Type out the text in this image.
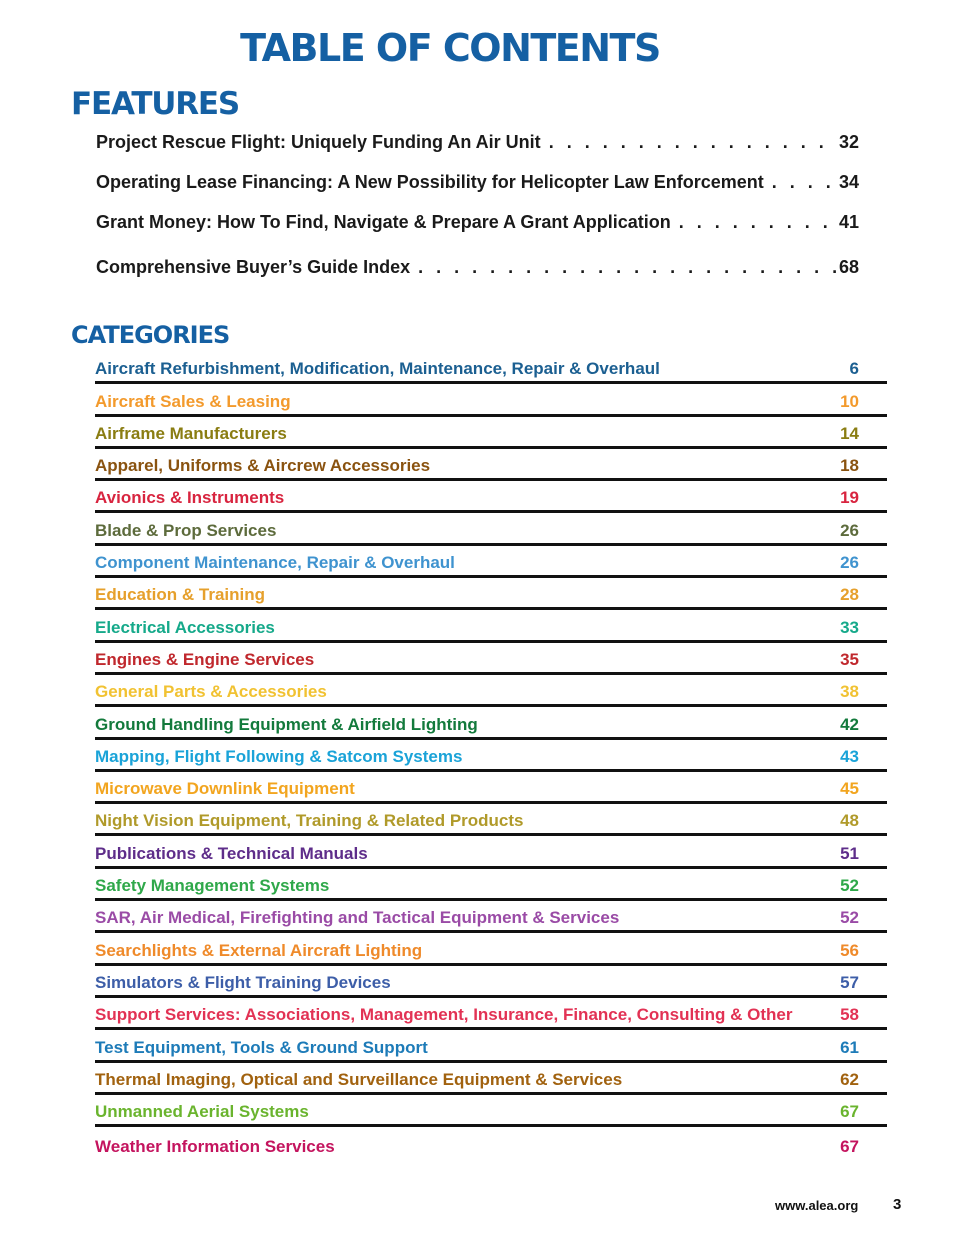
TABLE OF CONTENTS
FEATURES
Project Rescue Flight: Uniquely Funding An Air Unit . . .	32
Operating Lease Financing: A New Possibility for Helicopter Law Enforcement . . .	34
Grant Money: How To Find, Navigate & Prepare A Grant Application . . .	41
Comprehensive Buyer’s Guide Index . . .	68
CATEGORIES
Aircraft Refurbishment, Modification, Maintenance, Repair & Overhaul	6
Aircraft Sales & Leasing	10
Airframe Manufacturers	14
Apparel, Uniforms & Aircrew Accessories	18
Avionics & Instruments	19
Blade & Prop Services	26
Component Maintenance, Repair & Overhaul	26
Education & Training	28
Electrical Accessories	33
Engines & Engine Services	35
General Parts & Accessories	38
Ground Handling Equipment & Airfield Lighting	42
Mapping, Flight Following & Satcom Systems	43
Microwave Downlink Equipment	45
Night Vision Equipment, Training & Related Products	48
Publications & Technical Manuals	51
Safety Management Systems	52
SAR, Air Medical, Firefighting and Tactical Equipment & Services	52
Searchlights & External Aircraft Lighting	56
Simulators & Flight Training Devices	57
Support Services: Associations, Management, Insurance, Finance, Consulting & Other	58
Test Equipment, Tools & Ground Support	61
Thermal Imaging, Optical and Surveillance Equipment & Services	62
Unmanned Aerial Systems	67
Weather Information Services	67
www.alea.org 3
